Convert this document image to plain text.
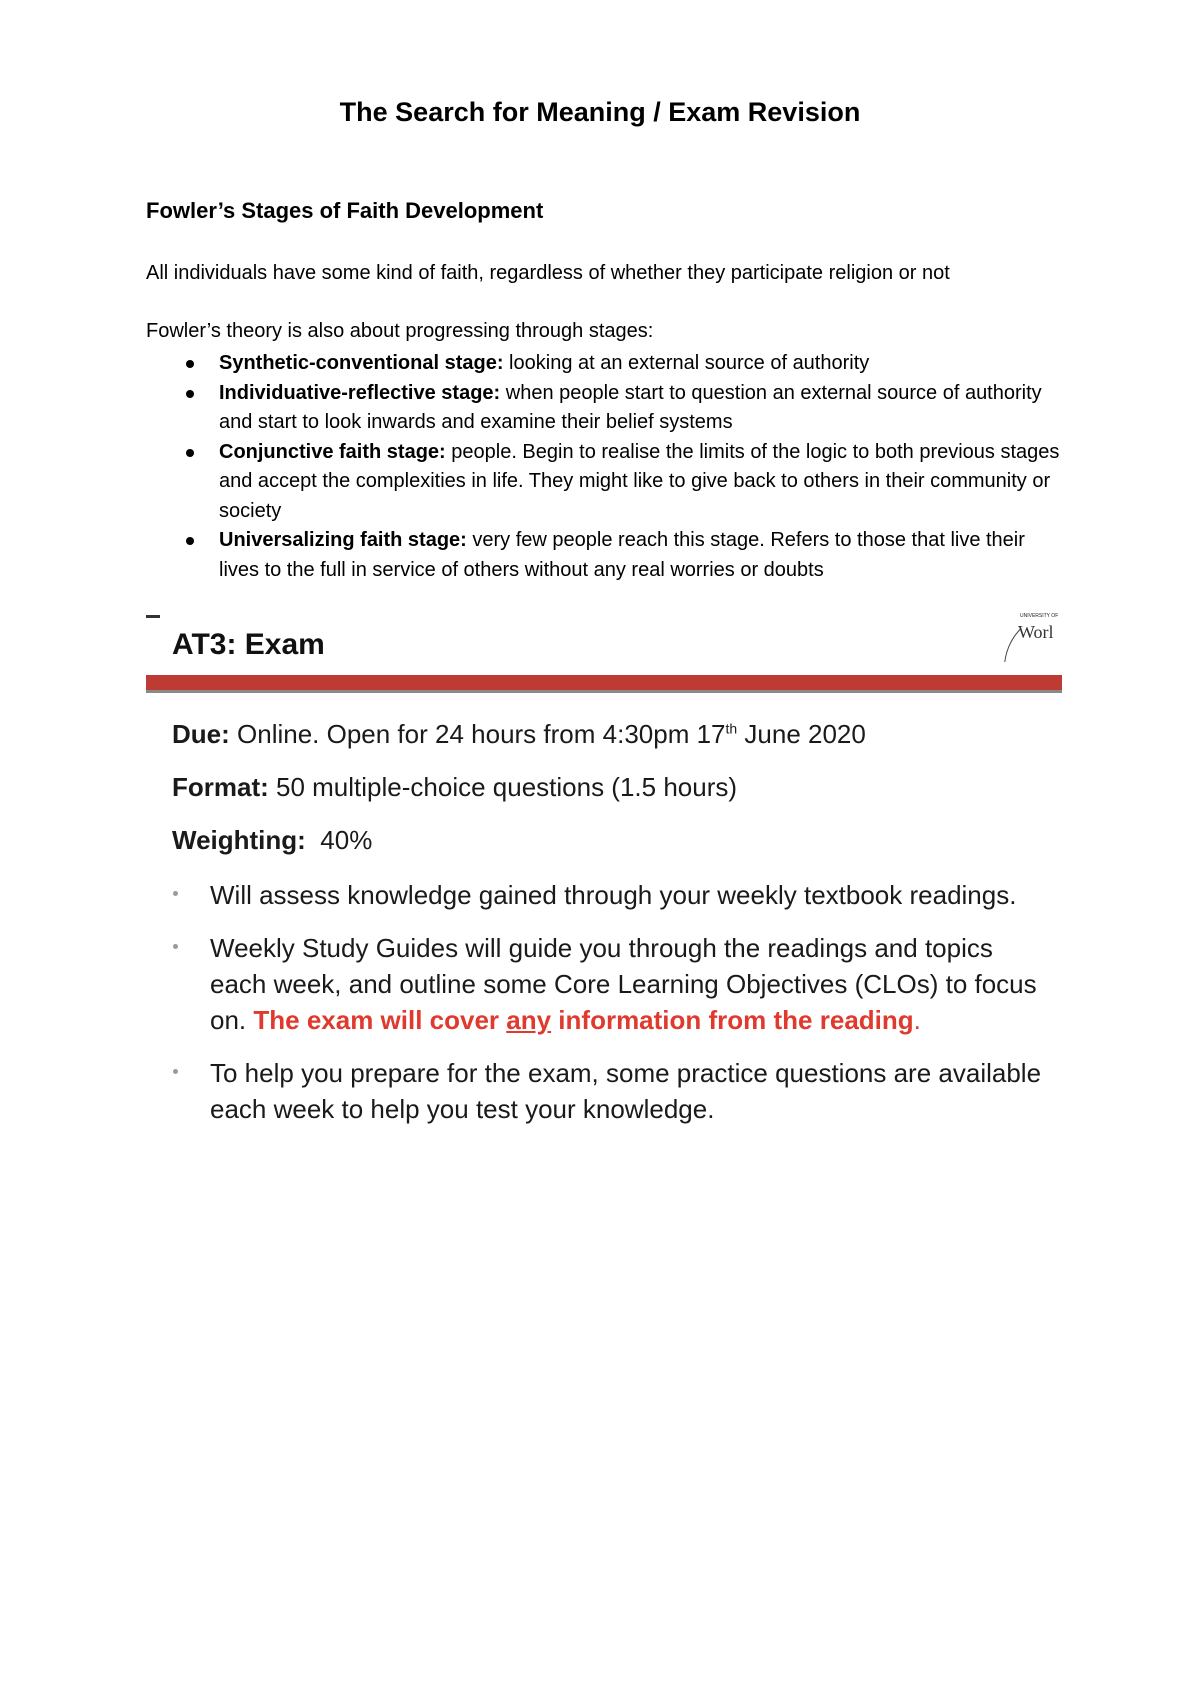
The Search for Meaning / Exam Revision
Fowler’s Stages of Faith Development
All individuals have some kind of faith, regardless of whether they participate religion or not
Fowler’s theory is also about progressing through stages:
Synthetic-conventional stage: looking at an external source of authority
Individuative-reflective stage: when people start to question an external source of authority and start to look inwards and examine their belief systems
Conjunctive faith stage: people. Begin to realise the limits of the logic to both previous stages and accept the complexities in life. They might like to give back to others in their community or society
Universalizing faith stage: very few people reach this stage. Refers to those that live their lives to the full in service of others without any real worries or doubts
AT3: Exam
UNIVERSITY OF
Worl

Due: Online. Open for 24 hours from 4:30pm 17th June 2020

Format: 50 multiple-choice questions (1.5 hours)

Weighting:  40%

Will assess knowledge gained through your weekly textbook readings.
Weekly Study Guides will guide you through the readings and topics each week, and outline some Core Learning Objectives (CLOs) to focus on. The exam will cover any information from the reading.
To help you prepare for the exam, some practice questions are available each week to help you test your knowledge.
